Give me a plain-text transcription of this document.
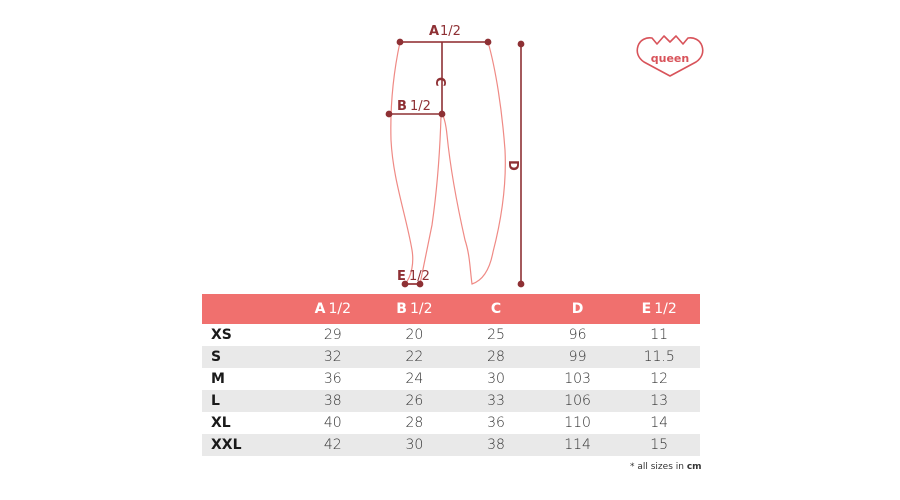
A 1/2
C
B 1/2
D
E 1/2
queen
	A 1/2	B 1/2	C	D	E 1/2
XS	29	20	25	96	11
S	32	22	28	99	11.5
M	36	24	30	103	12
L	38	26	33	106	13
XL	40	28	36	110	14
XXL	42	30	38	114	15
* all sizes in cm
